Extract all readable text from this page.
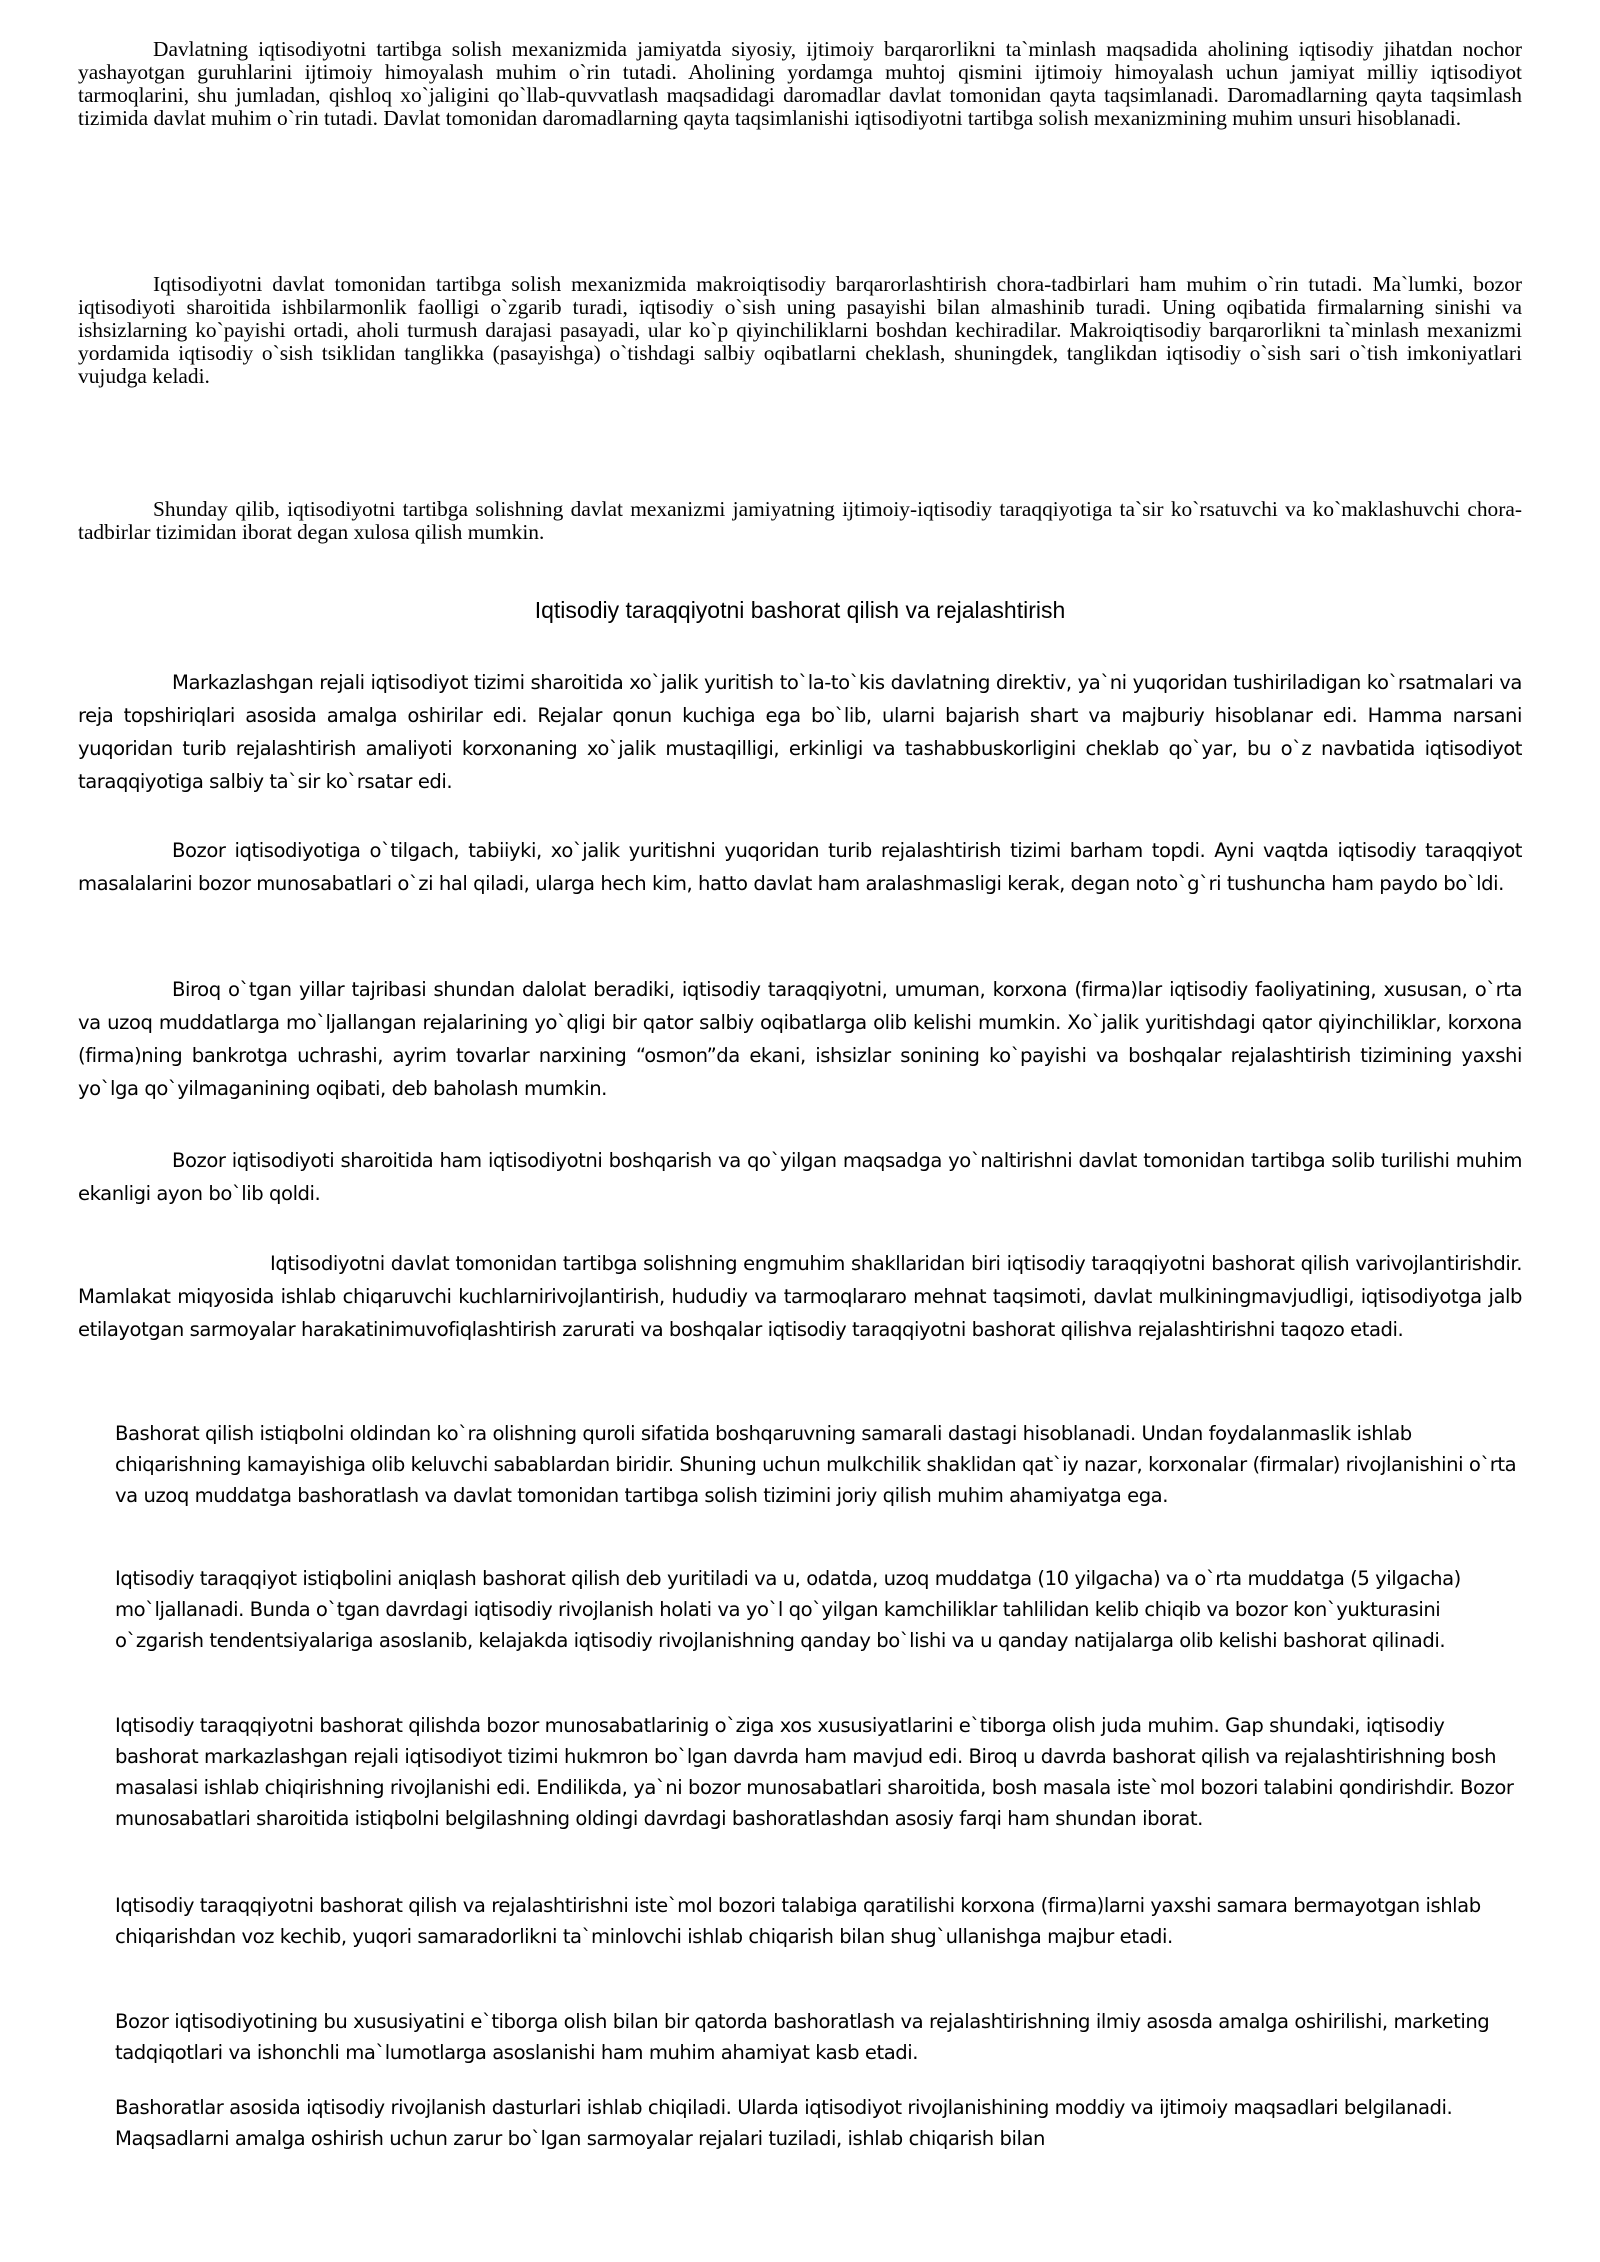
Davlatning iqtisodiyotni tartibga solish mexanizmida jamiyatda siyosiy, ijtimoiy barqarorlikni ta`minlash maqsadida aholining iqtisodiy jihatdan nochor yashayotgan guruhlarini ijtimoiy himoyalash muhim o`rin tutadi. Aholining yordamga muhtoj qismini ijtimoiy himoyalash uchun jamiyat milliy iqtisodiyot tarmoqlarini, shu jumladan, qishloq xo`jaligini qo`llab-quvvatlash maqsadidagi daromadlar davlat tomonidan qayta taqsimlanadi. Daromadlarning qayta taqsimlash tizimida davlat muhim o`rin tutadi. Davlat tomonidan daromadlarning qayta taqsimlanishi iqtisodiyotni tartibga solish mexanizmining muhim unsuri hisoblanadi.

Iqtisodiyotni davlat tomonidan tartibga solish mexanizmida makroiqtisodiy barqarorlashtirish chora-tadbirlari ham muhim o`rin tutadi. Ma`lumki, bozor iqtisodiyoti sharoitida ishbilarmonlik faolligi o`zgarib turadi, iqtisodiy o`sish uning pasayishi bilan almashinib turadi. Uning oqibatida firmalarning sinishi va ishsizlarning ko`payishi ortadi, aholi turmush darajasi pasayadi, ular ko`p qiyinchiliklarni boshdan kechiradilar. Makroiqtisodiy barqarorlikni ta`minlash mexanizmi yordamida iqtisodiy o`sish tsiklidan tanglikka (pasayishga) o`tishdagi salbiy oqibatlarni cheklash, shuningdek, tanglikdan iqtisodiy o`sish sari o`tish imkoniyatlari vujudga keladi.

Shunday qilib, iqtisodiyotni tartibga solishning davlat mexanizmi jamiyatning ijtimoiy-iqtisodiy taraqqiyotiga ta`sir ko`rsatuvchi va ko`maklashuvchi chora-tadbirlar tizimidan iborat degan xulosa qilish mumkin.

Iqtisodiy taraqqiyotni bashorat qilish va rejalashtirish

Markazlashgan rejali iqtisodiyot tizimi sharoitida xo`jalik yuritish to`la-to`kis davlatning direktiv, ya`ni yuqoridan tushiriladigan ko`rsatmalari va reja topshiriqlari asosida amalga oshirilar edi. Rejalar qonun kuchiga ega bo`lib, ularni bajarish shart va majburiy hisoblanar edi. Hamma narsani yuqoridan turib rejalashtirish amaliyoti korxonaning xo`jalik mustaqilligi, erkinligi va tashabbuskorligini cheklab qo`yar, bu o`z navbatida iqtisodiyot taraqqiyotiga salbiy ta`sir ko`rsatar edi.

Bozor iqtisodiyotiga o`tilgach, tabiiyki, xo`jalik yuritishni yuqoridan turib rejalashtirish tizimi barham topdi. Ayni vaqtda iqtisodiy taraqqiyot masalalarini bozor munosabatlari o`zi hal qiladi, ularga hech kim, hatto davlat ham aralashmasligi kerak, degan noto`g`ri tushuncha ham paydo bo`ldi.

Biroq o`tgan yillar tajribasi shundan dalolat beradiki, iqtisodiy taraqqiyotni, umuman, korxona (firma)lar iqtisodiy faoliyatining, xususan, o`rta va uzoq muddatlarga mo`ljallangan rejalarining yo`qligi bir qator salbiy oqibatlarga olib kelishi mumkin. Xo`jalik yuritishdagi qator qiyinchiliklar, korxona (firma)ning bankrotga uchrashi, ayrim tovarlar narxining “osmon”da ekani, ishsizlar sonining ko`payishi va boshqalar rejalashtirish tizimining yaxshi yo`lga qo`yilmaganining oqibati, deb baholash mumkin.

Bozor iqtisodiyoti sharoitida ham iqtisodiyotni boshqarish va qo`yilgan maqsadga yo`naltirishni davlat tomonidan tartibga solib turilishi muhim ekanligi ayon bo`lib qoldi.

Iqtisodiyotni davlat tomonidan tartibga solishning engmuhim shakllaridan biri iqtisodiy taraqqiyotni bashorat qilish varivojlantirishdir. Mamlakat miqyosida ishlab chiqaruvchi kuchlarnirivojlantirish, hududiy va tarmoqlararo mehnat taqsimoti, davlat mulkiningmavjudligi, iqtisodiyotga jalb etilayotgan sarmoyalar harakatinimuvofiqlashtirish zarurati va boshqalar iqtisodiy taraqqiyotni bashorat qilishva rejalashtirishni taqozo etadi.

Bashorat qilish istiqbolni oldindan ko`ra olishning quroli sifatida boshqaruvning samarali dastagi hisoblanadi. Undan foydalanmaslik ishlab chiqarishning kamayishiga olib keluvchi sabablardan biridir. Shuning uchun mulkchilik shaklidan qat`iy nazar, korxonalar (firmalar) rivojlanishini o`rta va uzoq muddatga bashoratlash va davlat tomonidan tartibga solish tizimini joriy qilish muhim ahamiyatga ega.

Iqtisodiy taraqqiyot istiqbolini aniqlash bashorat qilish deb yuritiladi va u, odatda, uzoq muddatga (10 yilgacha) va o`rta muddatga (5 yilgacha) mo`ljallanadi. Bunda o`tgan davrdagi iqtisodiy rivojlanish holati va yo`l qo`yilgan kamchiliklar tahlilidan kelib chiqib va bozor kon`yukturasini o`zgarish tendentsiyalariga asoslanib, kelajakda iqtisodiy rivojlanishning qanday bo`lishi va u qanday natijalarga olib kelishi bashorat qilinadi.

Iqtisodiy taraqqiyotni bashorat qilishda bozor munosabatlarinig o`ziga xos xususiyatlarini e`tiborga olish juda muhim. Gap shundaki, iqtisodiy bashorat markazlashgan rejali iqtisodiyot tizimi hukmron bo`lgan davrda ham mavjud edi. Biroq u davrda bashorat qilish va rejalashtirishning bosh masalasi ishlab chiqirishning rivojlanishi edi. Endilikda, ya`ni bozor munosabatlari sharoitida, bosh masala iste`mol bozori talabini qondirishdir. Bozor munosabatlari sharoitida istiqbolni belgilashning oldingi davrdagi bashoratlashdan asosiy farqi ham shundan iborat.

Iqtisodiy taraqqiyotni bashorat qilish va rejalashtirishni iste`mol bozori talabiga qaratilishi korxona (firma)larni yaxshi samara bermayotgan ishlab chiqarishdan voz kechib, yuqori samaradorlikni ta`minlovchi ishlab chiqarish bilan shug`ullanishga majbur etadi.

Bozor iqtisodiyotining bu xususiyatini e`tiborga olish bilan bir qatorda bashoratlash va rejalashtirishning ilmiy asosda amalga oshirilishi, marketing tadqiqotlari va ishonchli ma`lumotlarga asoslanishi ham muhim ahamiyat kasb etadi.

Bashoratlar asosida iqtisodiy rivojlanish dasturlari ishlab chiqiladi. Ularda iqtisodiyot rivojlanishining moddiy va ijtimoiy maqsadlari belgilanadi. Maqsadlarni amalga oshirish uchun zarur bo`lgan sarmoyalar rejalari tuziladi, ishlab chiqarish bilan
